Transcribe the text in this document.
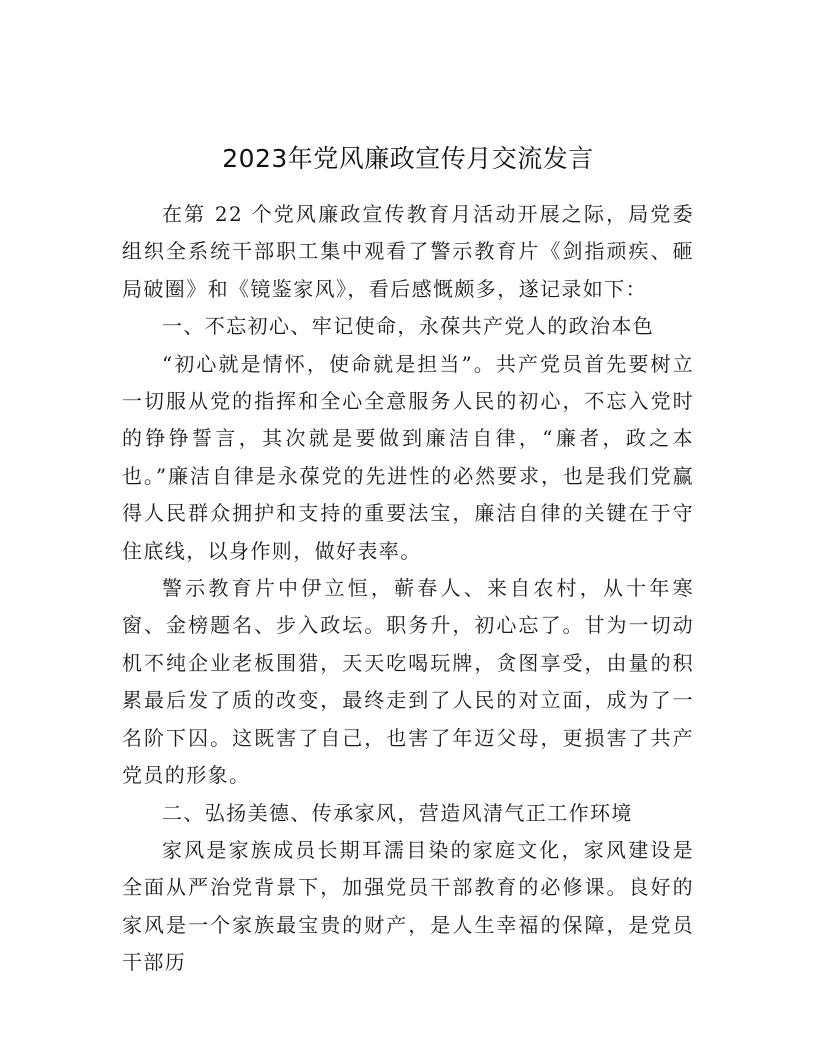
2023年党风廉政宣传月交流发言

在第 22 个党风廉政宣传教育月活动开展之际，局党委组织全系统干部职工集中观看了警示教育片《剑指顽疾、砸局破圈》和《镜鉴家风》，看后感慨颇多，遂记录如下：

一、不忘初心、牢记使命，永葆共产党人的政治本色

“初心就是情怀，使命就是担当”。共产党员首先要树立一切服从党的指挥和全心全意服务人民的初心，不忘入党时的铮铮誓言，其次就是要做到廉洁自律，“廉者，政之本也。”廉洁自律是永葆党的先进性的必然要求，也是我们党赢得人民群众拥护和支持的重要法宝，廉洁自律的关键在于守住底线，以身作则，做好表率。

警示教育片中伊立恒，蕲春人、来自农村，从十年寒窗、金榜题名、步入政坛。职务升，初心忘了。甘为一切动机不纯企业老板围猎，天天吃喝玩牌，贪图享受，由量的积累最后发了质的改变，最终走到了人民的对立面，成为了一名阶下囚。这既害了自己，也害了年迈父母，更损害了共产党员的形象。

二、弘扬美德、传承家风，营造风清气正工作环境

家风是家族成员长期耳濡目染的家庭文化，家风建设是全面从严治党背景下，加强党员干部教育的必修课。良好的家风是一个家族最宝贵的财产，是人生幸福的保障，是党员干部历
